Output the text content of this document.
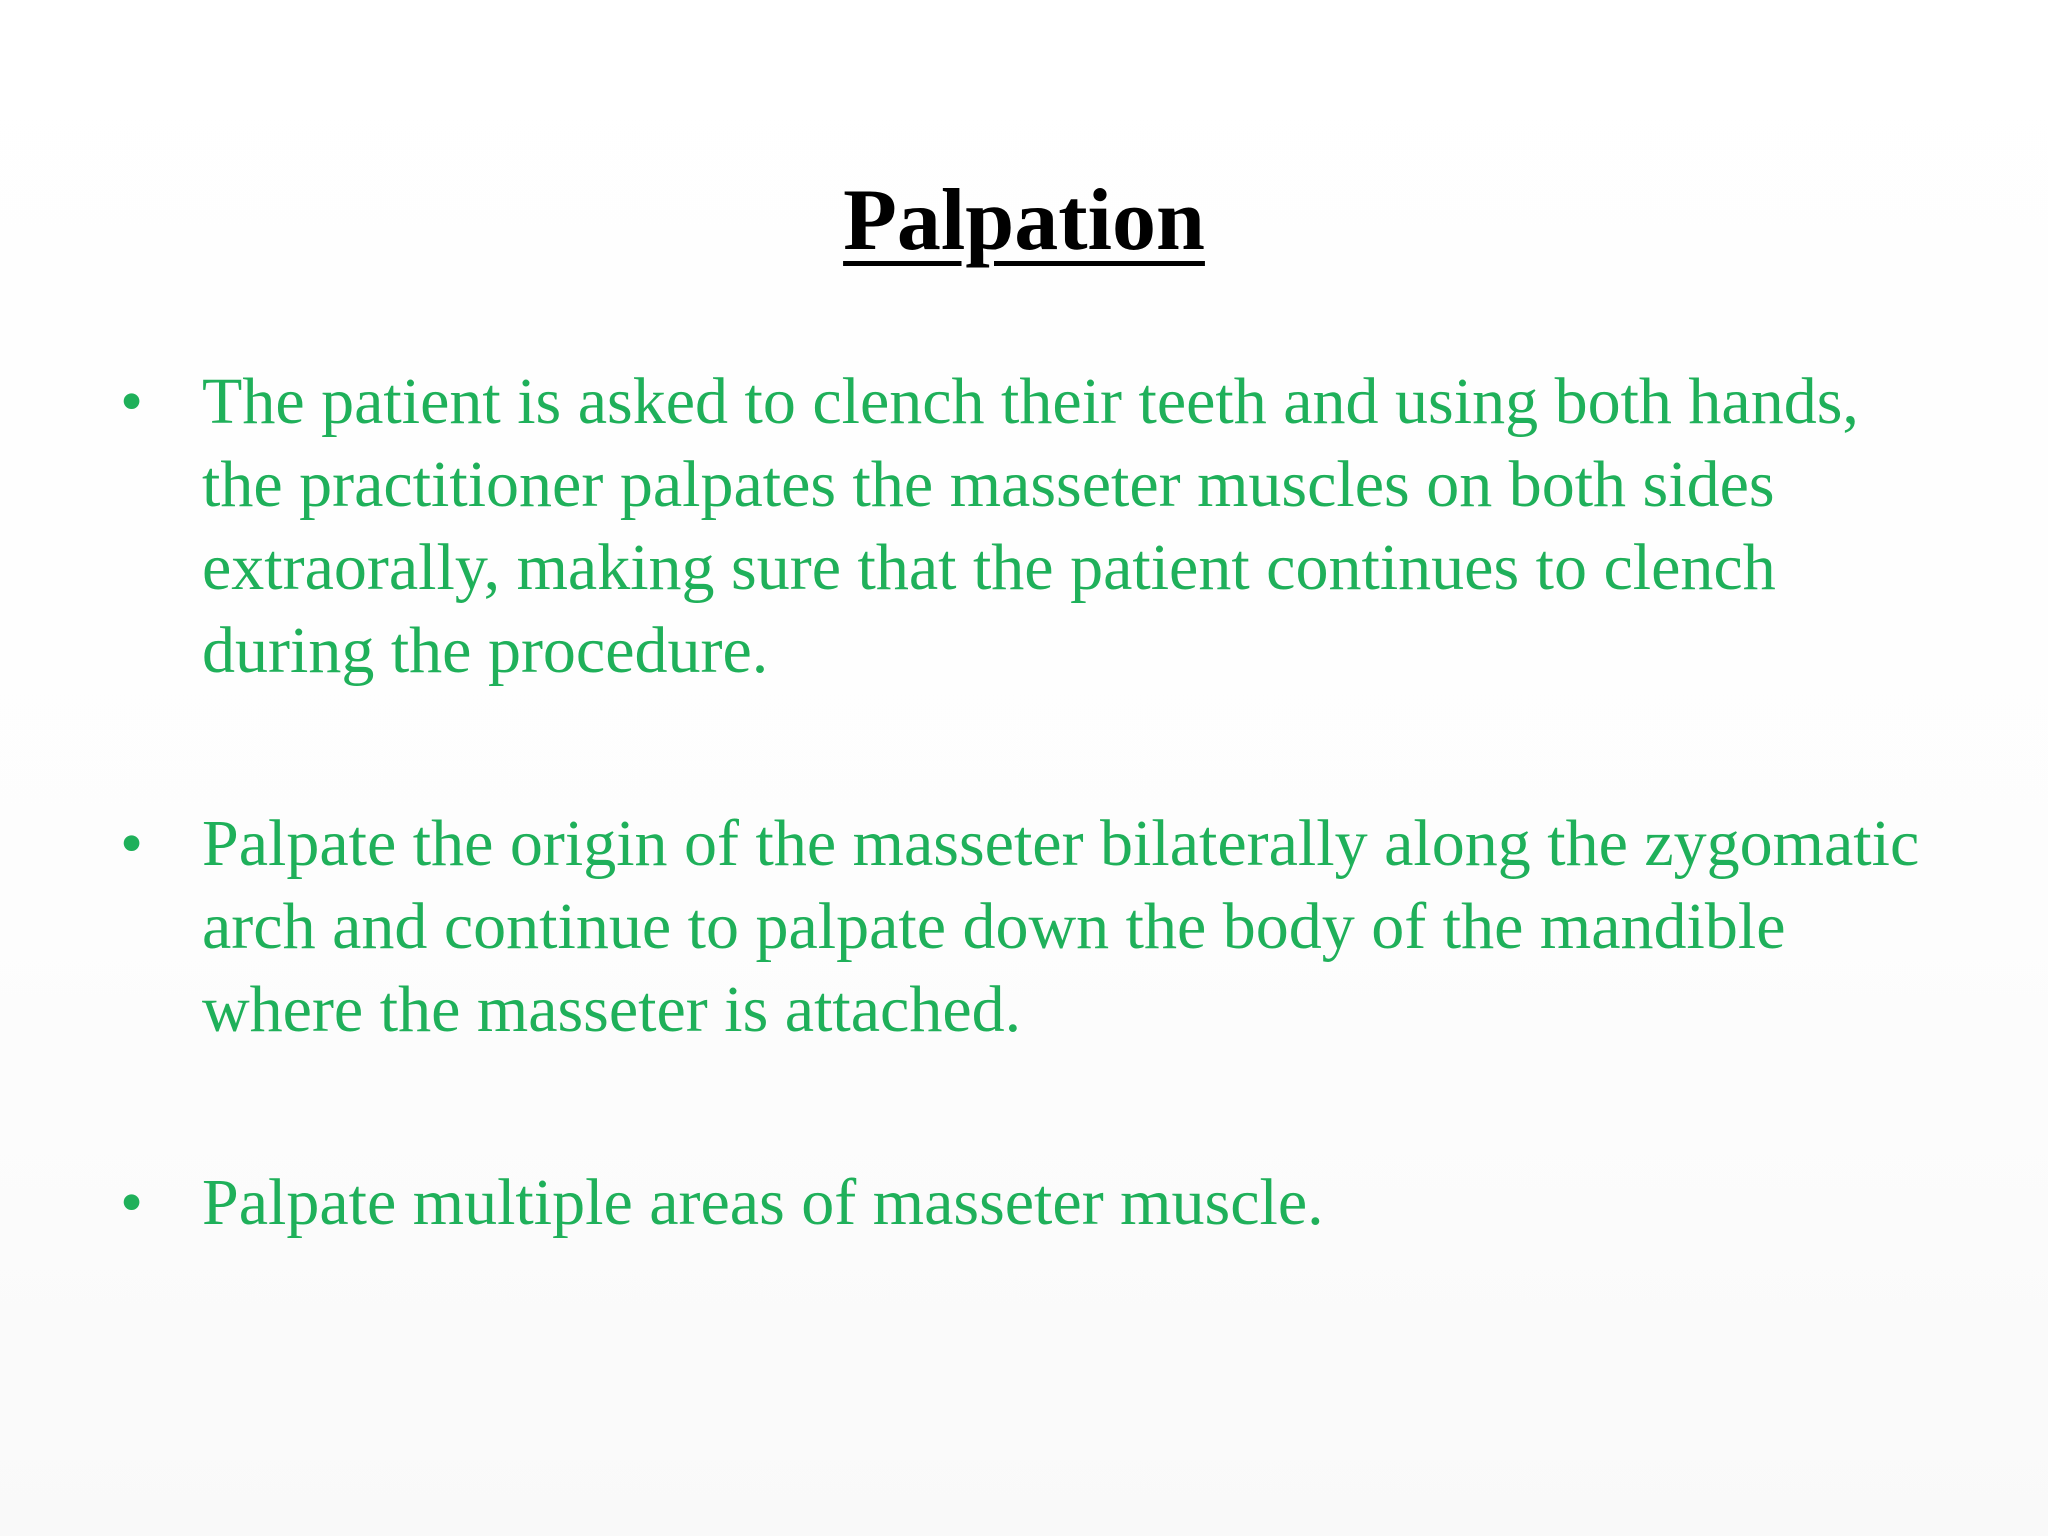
Palpation
• The patient is asked to clench their teeth and using both hands, the practitioner palpates the masseter muscles on both sides extraorally, making sure that the patient continues to clench during the procedure.
• Palpate the origin of the masseter bilaterally along the zygomatic arch and continue to palpate down the body of the mandible where the masseter is attached.
• Palpate multiple areas of masseter muscle.
